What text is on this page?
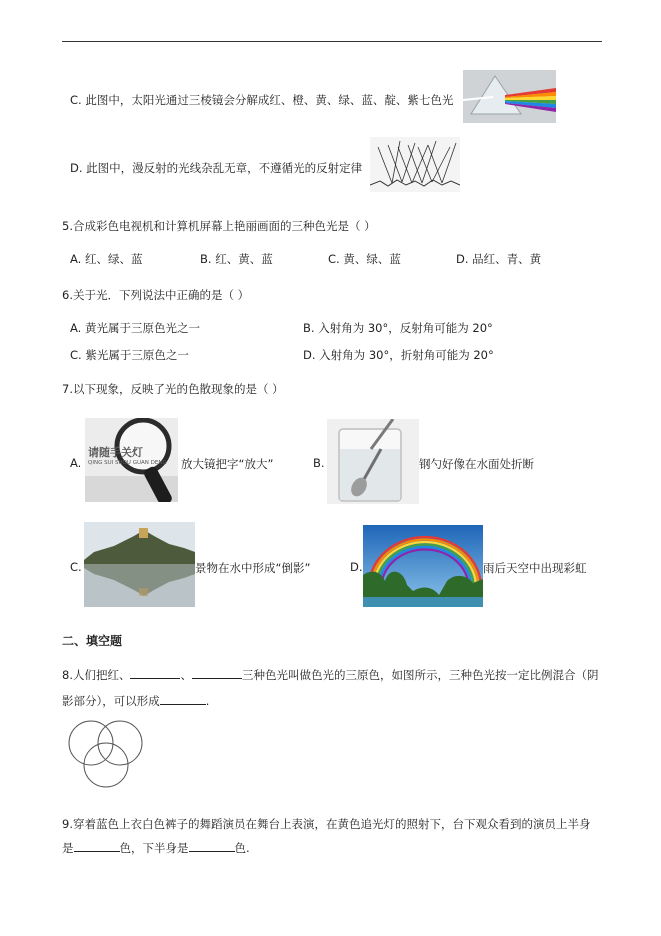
C. 此图中，太阳光通过三棱镜会分解成红、橙、黄、绿、蓝、靛、紫七色光
D. 此图中，漫反射的光线杂乱无章，不遵循光的反射定律
5.合成彩色电视机和计算机屏幕上艳丽画面的三种色光是（ ）
A. 红、绿、蓝	B. 红、黄、蓝	C. 黄、绿、蓝	D. 品红、青、黄
6.关于光．下列说法中正确的是（ ）
A. 黄光属于三原色光之一	B. 入射角为 30°，反射角可能为 20°
C. 紫光属于三原色之一	D. 入射角为 30°，折射角可能为 20°
7.以下现象，反映了光的色散现象的是（ ）
A.
请随手关灯
QING SUI SHOU GUAN DENG 放大镜把字“放大”	B.	钢勺好像在水面处折断
C.	景物在水中形成“倒影”	D.	雨后天空中出现彩虹
二、填空题
8.人们把红、	、	三种色光叫做色光的三原色，如图所示，三种色光按一定比例混合（阴
影部分），可以形成	.
9.穿着蓝色上衣白色裤子的舞蹈演员在舞台上表演，在黄色追光灯的照射下，台下观众看到的演员上半身
是	色，下半身是	色.
